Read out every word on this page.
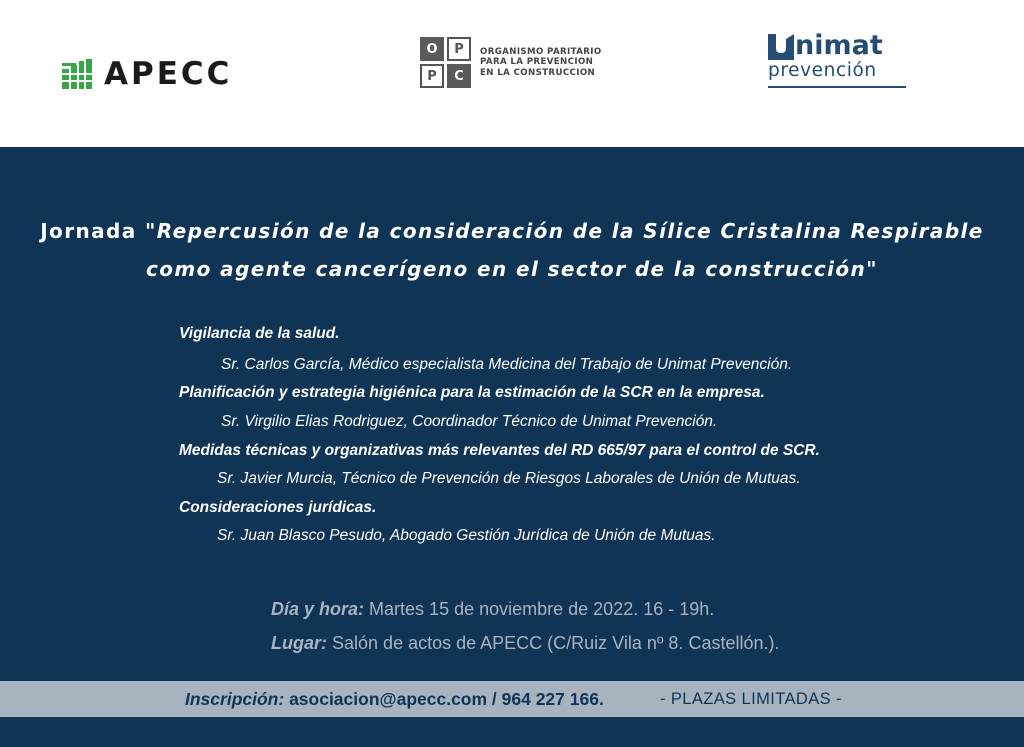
APECC
O	P
P	C
ORGANISMO PARITARIO
PARA LA PREVENCION
EN LA CONSTRUCCION
nimat
prevención
Jornada "Repercusión de la consideración de la Sílice Cristalina Respirable
como agente cancerígeno en el sector de la construcción"
Vigilancia de la salud.
Sr. Carlos García, Médico especialista Medicina del Trabajo de Unimat Prevención.
Planificación y estrategia higiénica para la estimación de la SCR en la empresa.
Sr. Virgilio Elias Rodriguez, Coordinador Técnico de Unimat Prevención.
Medidas técnicas y organizativas más relevantes del RD 665/97 para el control de SCR.
Sr. Javier Murcia, Técnico de Prevención de Riesgos Laborales de Unión de Mutuas.
Consideraciones jurídicas.
Sr. Juan Blasco Pesudo, Abogado Gestión Jurídica de Unión de Mutuas.
Día y hora: Martes 15 de noviembre de 2022. 16 - 19h.
Lugar: Salón de actos de APECC (C/Ruiz Vila nº 8. Castellón.).
Inscripción: asociacion@apecc.com / 964 227 166.	- PLAZAS LIMITADAS -
